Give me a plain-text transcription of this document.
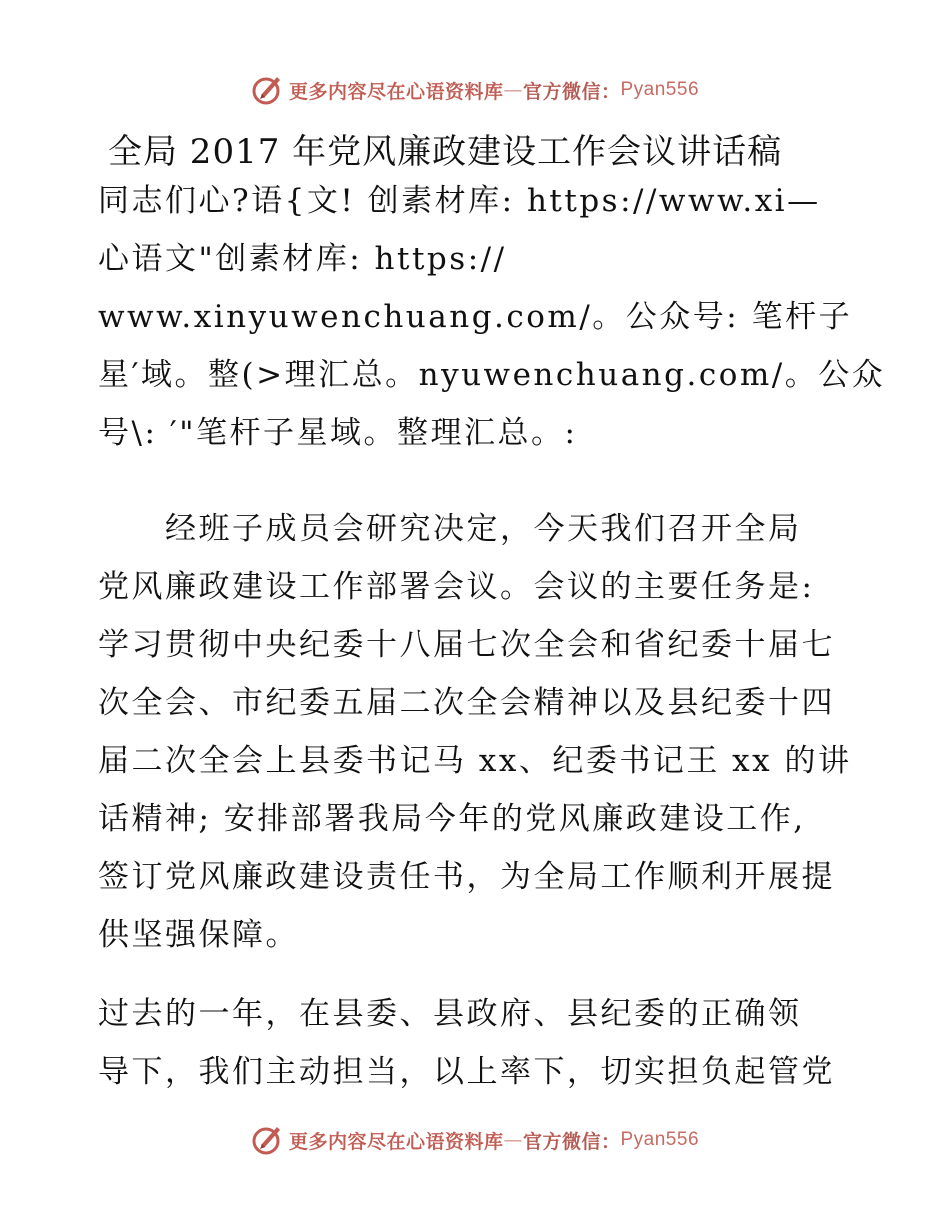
更多内容尽在心语资料库 — 官方微信： Pyan556
全局 2017 年党风廉政建设工作会议讲话稿
同志们心?语{文! 创素材库: https://www.xi—
心语文"创素材库: https://
www.xinyuwenchuang.com/。公众号: 笔杆子
星′域。整(>理汇总。nyuwenchuang.com/。公众
号\: ′"笔杆子星域。整理汇总。:
　　经班子成员会研究决定，今天我们召开全局
党风廉政建设工作部署会议。会议的主要任务是:
学习贯彻中央纪委十八届七次全会和省纪委十届七
次全会、市纪委五届二次全会精神以及县纪委十四
届二次全会上县委书记马 xx、纪委书记王 xx 的讲
话精神; 安排部署我局今年的党风廉政建设工作,
签订党风廉政建设责任书，为全局工作顺利开展提
供坚强保障。
过去的一年，在县委、县政府、县纪委的正确领
导下，我们主动担当，以上率下，切实担负起管党
更多内容尽在心语资料库 — 官方微信： Pyan556
